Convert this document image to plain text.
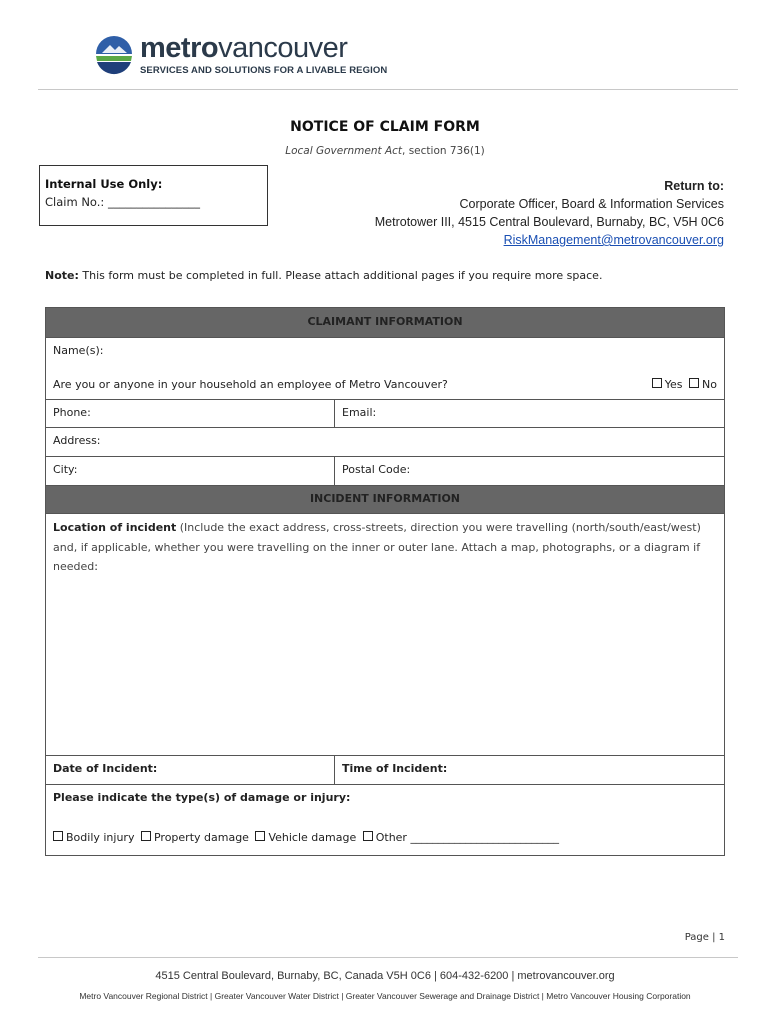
metrovancouver
SERVICES AND SOLUTIONS FOR A LIVABLE REGION
NOTICE OF CLAIM FORM
Local Government Act, section 736(1)
Internal Use Only:
Claim No.: ________________
Return to:
Corporate Officer, Board & Information Services
Metrotower III, 4515 Central Boulevard, Burnaby, BC, V5H 0C6
RiskManagement@metrovancouver.org
Note: This form must be completed in full. Please attach additional pages if you require more space.
CLAIMANT INFORMATION
Name(s):
Are you or anyone in your household an employee of Metro Vancouver?	Yes No
Phone:	Email:
Address:
City:	Postal Code:
INCIDENT INFORMATION
Location of incident (Include the exact address, cross-streets, direction you were travelling (north/south/east/west) and, if applicable, whether you were travelling on the inner or outer lane. Attach a map, photographs, or a diagram if needed:
Date of Incident:	Time of Incident:
Please indicate the type(s) of damage or injury:
Bodily injury Property damage Vehicle damage Other ___________________________
Page | 1
4515 Central Boulevard, Burnaby, BC, Canada V5H 0C6 | 604-432-6200 | metrovancouver.org
Metro Vancouver Regional District | Greater Vancouver Water District | Greater Vancouver Sewerage and Drainage District | Metro Vancouver Housing Corporation
